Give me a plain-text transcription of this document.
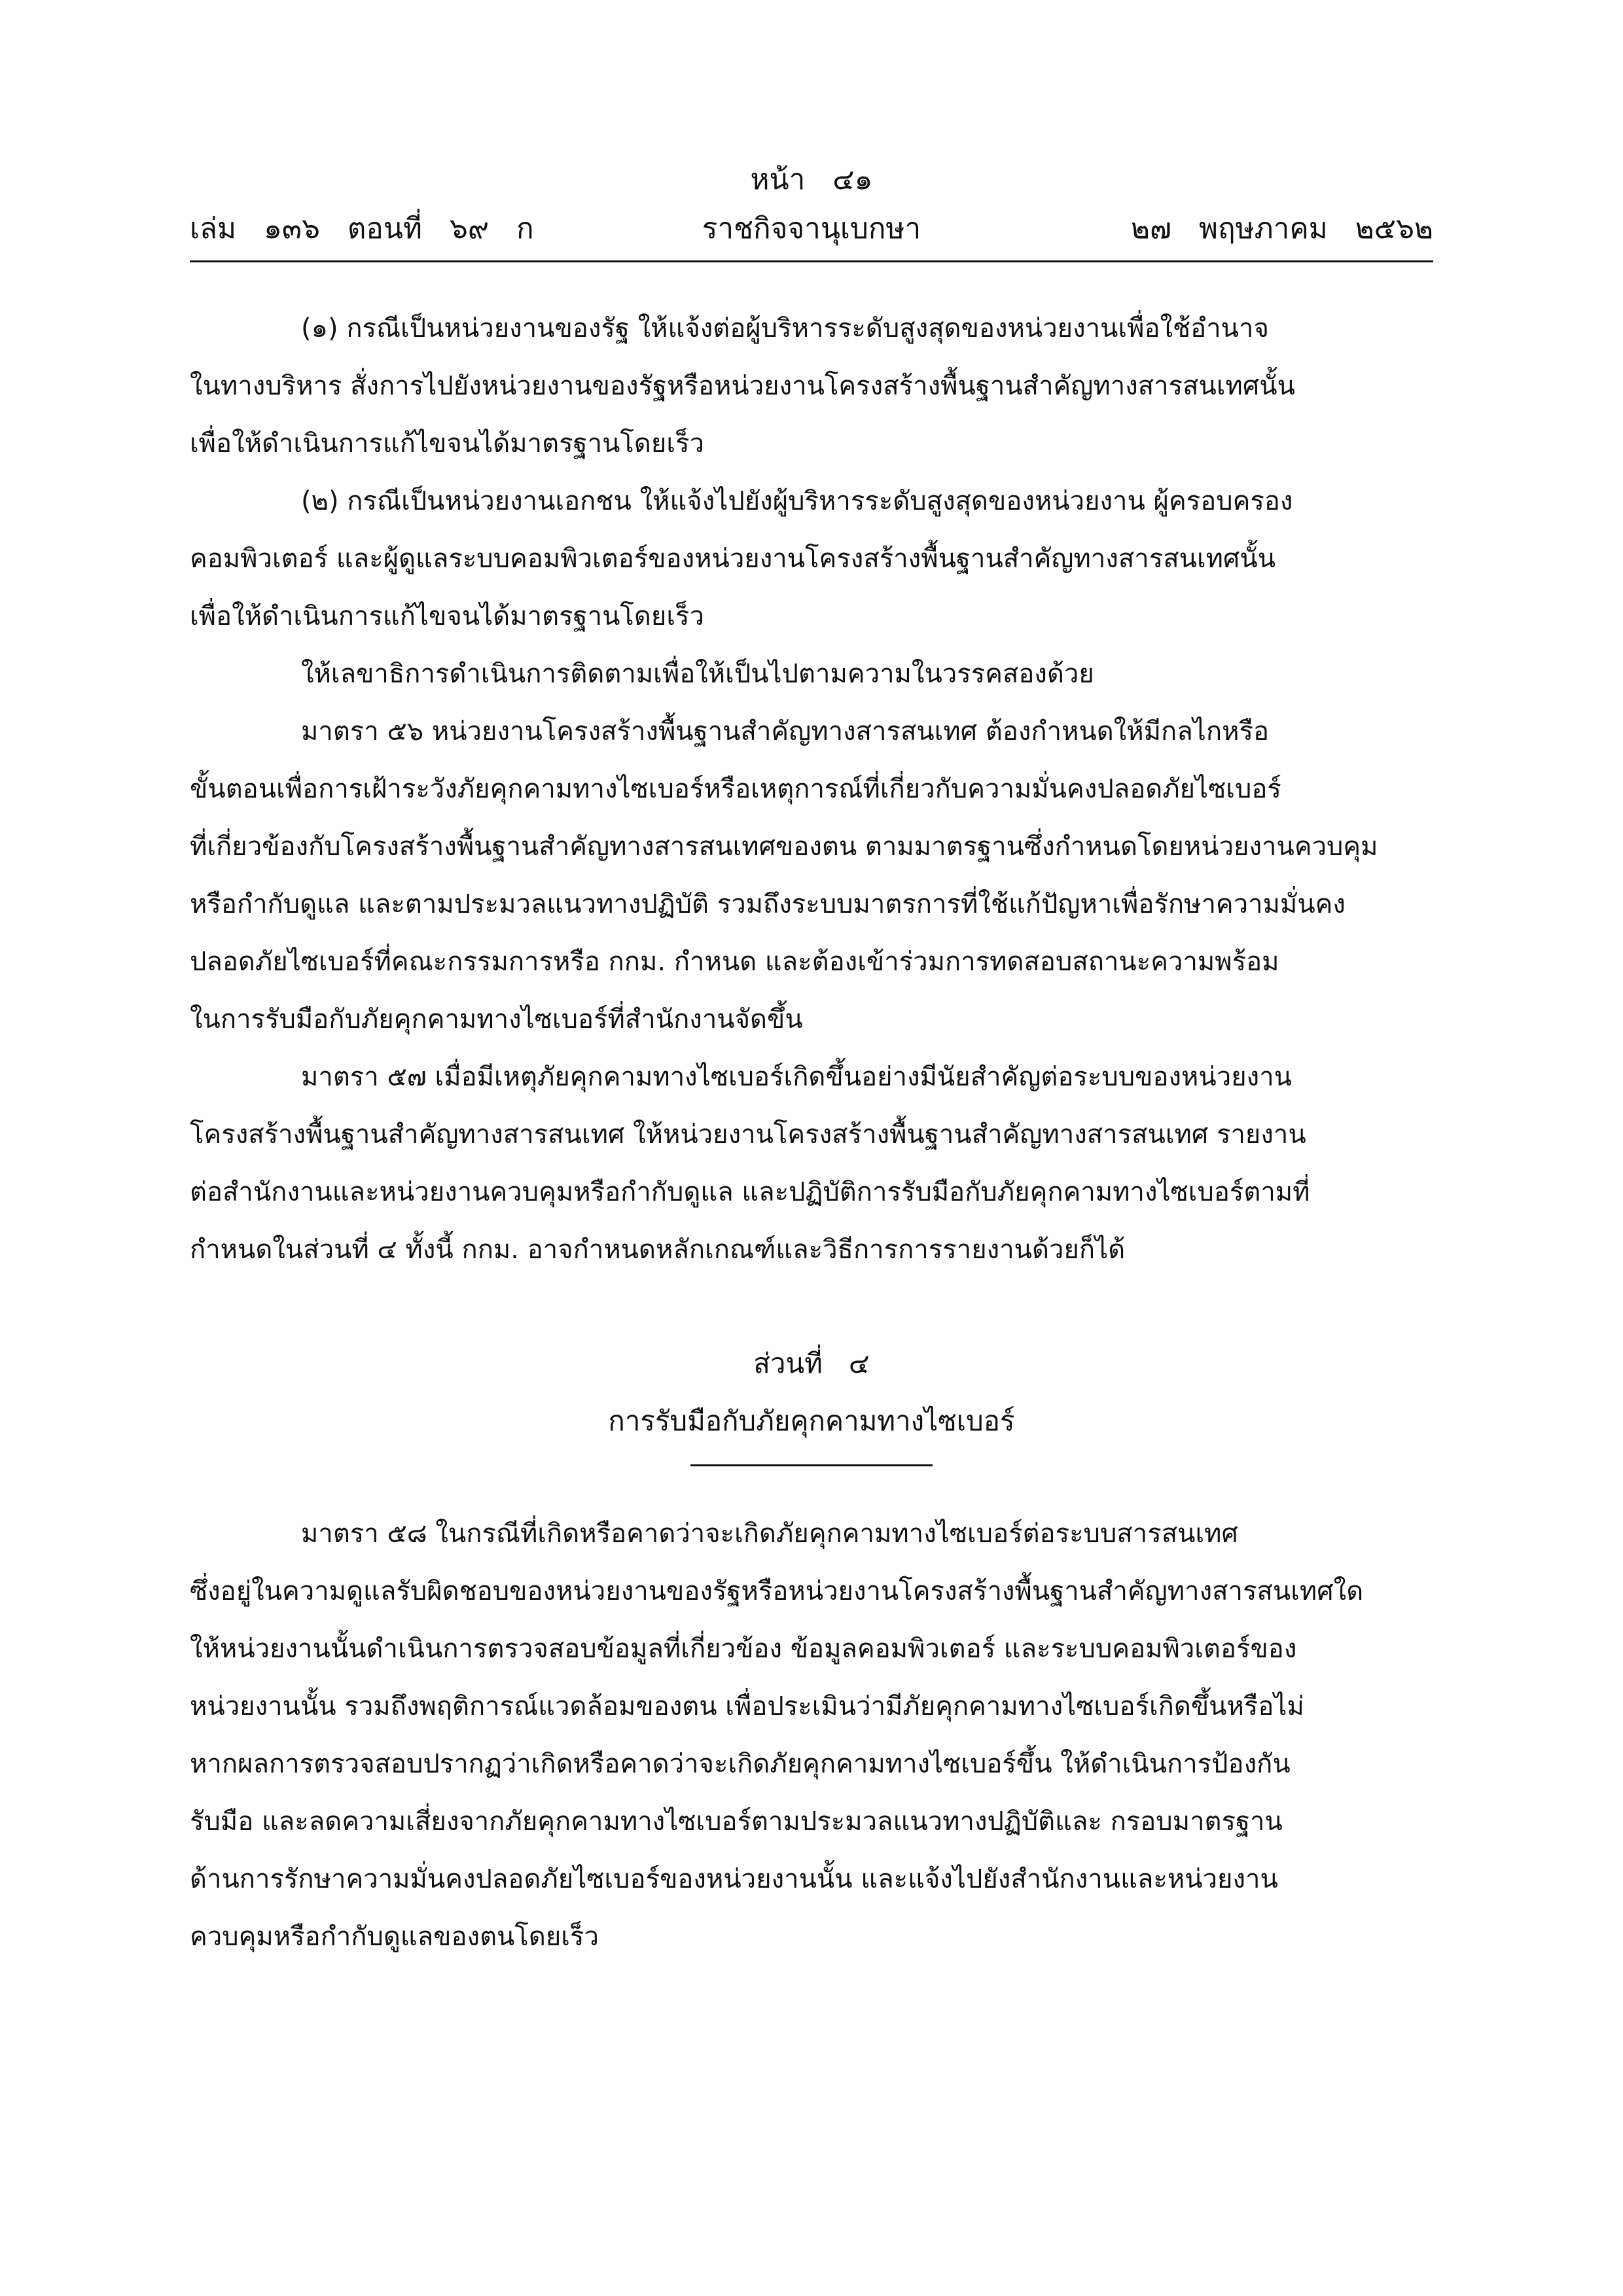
หน้า   ๔๑
ราชกิจจานุเบกษา
เล่ม   ๑๓๖   ตอนที่   ๖๙   ก	๒๗   พฤษภาคม   ๒๕๖๒

(๑) กรณีเป็นหน่วยงานของรัฐ ให้แจ้งต่อผู้บริหารระดับสูงสุดของหน่วยงานเพื่อใช้อำนาจ
ในทางบริหาร สั่งการไปยังหน่วยงานของรัฐหรือหน่วยงานโครงสร้างพื้นฐานสำคัญทางสารสนเทศนั้น
เพื่อให้ดำเนินการแก้ไขจนได้มาตรฐานโดยเร็ว

(๒) กรณีเป็นหน่วยงานเอกชน ให้แจ้งไปยังผู้บริหารระดับสูงสุดของหน่วยงาน ผู้ครอบครอง
คอมพิวเตอร์ และผู้ดูแลระบบคอมพิวเตอร์ของหน่วยงานโครงสร้างพื้นฐานสำคัญทางสารสนเทศนั้น
เพื่อให้ดำเนินการแก้ไขจนได้มาตรฐานโดยเร็ว

ให้เลขาธิการดำเนินการติดตามเพื่อให้เป็นไปตามความในวรรคสองด้วย

มาตรา ๕๖ หน่วยงานโครงสร้างพื้นฐานสำคัญทางสารสนเทศ ต้องกำหนดให้มีกลไกหรือ
ขั้นตอนเพื่อการเฝ้าระวังภัยคุกคามทางไซเบอร์หรือเหตุการณ์ที่เกี่ยวกับความมั่นคงปลอดภัยไซเบอร์
ที่เกี่ยวข้องกับโครงสร้างพื้นฐานสำคัญทางสารสนเทศของตน ตามมาตรฐานซึ่งกำหนดโดยหน่วยงานควบคุม
หรือกำกับดูแล และตามประมวลแนวทางปฏิบัติ รวมถึงระบบมาตรการที่ใช้แก้ปัญหาเพื่อรักษาความมั่นคง
ปลอดภัยไซเบอร์ที่คณะกรรมการหรือ กกม. กำหนด และต้องเข้าร่วมการทดสอบสถานะความพร้อม
ในการรับมือกับภัยคุกคามทางไซเบอร์ที่สำนักงานจัดขึ้น

มาตรา ๕๗ เมื่อมีเหตุภัยคุกคามทางไซเบอร์เกิดขึ้นอย่างมีนัยสำคัญต่อระบบของหน่วยงาน
โครงสร้างพื้นฐานสำคัญทางสารสนเทศ ให้หน่วยงานโครงสร้างพื้นฐานสำคัญทางสารสนเทศ รายงาน
ต่อสำนักงานและหน่วยงานควบคุมหรือกำกับดูแล และปฏิบัติการรับมือกับภัยคุกคามทางไซเบอร์ตามที่
กำหนดในส่วนที่ ๔ ทั้งนี้ กกม. อาจกำหนดหลักเกณฑ์และวิธีการการรายงานด้วยก็ได้

ส่วนที่   ๔
การรับมือกับภัยคุกคามทางไซเบอร์

มาตรา ๕๘ ในกรณีที่เกิดหรือคาดว่าจะเกิดภัยคุกคามทางไซเบอร์ต่อระบบสารสนเทศ
ซึ่งอยู่ในความดูแลรับผิดชอบของหน่วยงานของรัฐหรือหน่วยงานโครงสร้างพื้นฐานสำคัญทางสารสนเทศใด
ให้หน่วยงานนั้นดำเนินการตรวจสอบข้อมูลที่เกี่ยวข้อง ข้อมูลคอมพิวเตอร์ และระบบคอมพิวเตอร์ของ
หน่วยงานนั้น รวมถึงพฤติการณ์แวดล้อมของตน เพื่อประเมินว่ามีภัยคุกคามทางไซเบอร์เกิดขึ้นหรือไม่
หากผลการตรวจสอบปรากฏว่าเกิดหรือคาดว่าจะเกิดภัยคุกคามทางไซเบอร์ขึ้น ให้ดำเนินการป้องกัน
รับมือ และลดความเสี่ยงจากภัยคุกคามทางไซเบอร์ตามประมวลแนวทางปฏิบัติและ กรอบมาตรฐาน
ด้านการรักษาความมั่นคงปลอดภัยไซเบอร์ของหน่วยงานนั้น และแจ้งไปยังสำนักงานและหน่วยงาน
ควบคุมหรือกำกับดูแลของตนโดยเร็ว
